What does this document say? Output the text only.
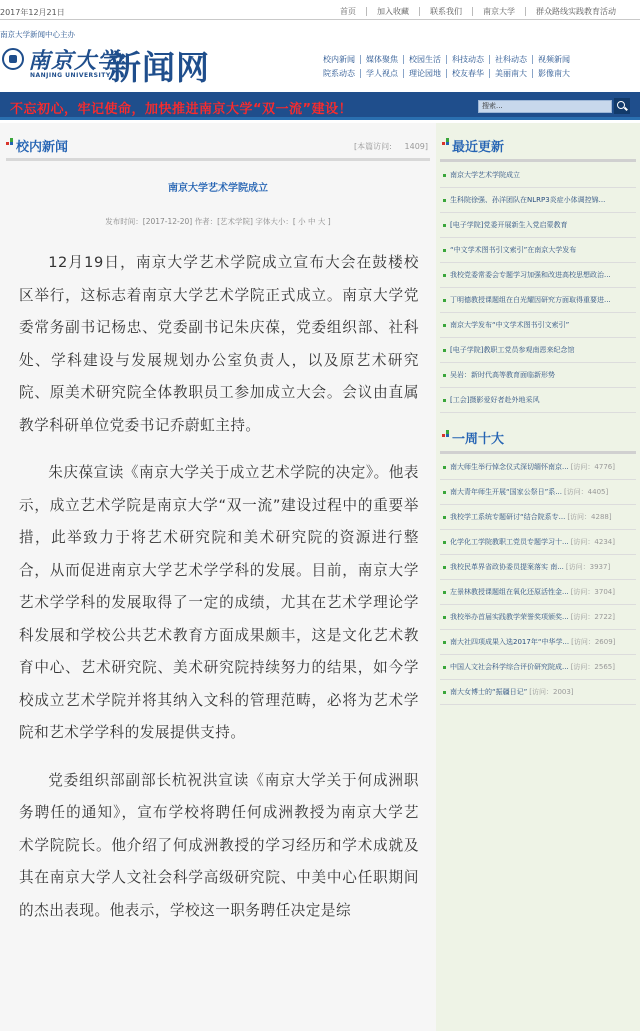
2017年12月21日	首页	加入收藏	联系我们	南京大学	群众路线实践教育活动
南京大学新闻中心主办
南京大学
NANJING UNIVERSITY
新闻网	校内新闻	媒体聚焦	校园生活	科技动态	社科动态	视频新闻
院系动态	学人视点	理论园地	校友春华	美丽南大	影像南大
不忘初心，牢记使命，加快推进南京大学“双一流”建设！	搜索...
校内新闻	[本篇访问: 1409]
南京大学艺术学院成立
发布时间：[2017-12-20] 作者：[艺术学院] 字体大小：[ 小 中 大 ]

12月19日，南京大学艺术学院成立宣布大会在鼓楼校区举行，这标志着南京大学艺术学院正式成立。南京大学党委常务副书记杨忠、党委副书记朱庆葆，党委组织部、社科处、学科建设与发展规划办公室负责人，以及原艺术研究院、原美术研究院全体教职员工参加成立大会。会议由直属教学科研单位党委书记乔蔚虹主持。

朱庆葆宣读《南京大学关于成立艺术学院的决定》。他表示，成立艺术学院是南京大学“双一流”建设过程中的重要举措，此举致力于将艺术研究院和美术研究院的资源进行整合，从而促进南京大学艺术学学科的发展。目前，南京大学艺术学学科的发展取得了一定的成绩，尤其在艺术学理论学科发展和学校公共艺术教育方面成果颇丰，这是文化艺术教育中心、艺术研究院、美术研究院持续努力的结果，如今学校成立艺术学院并将其纳入文科的管理范畴，必将为艺术学院和艺术学学科的发展提供支持。

党委组织部副部长杭祝洪宣读《南京大学关于何成洲职务聘任的通知》，宣布学校将聘任何成洲教授为南京大学艺术学院院长。他介绍了何成洲教授的学习经历和学术成就及其在南京大学人文社会科学高级研究院、中美中心任职期间的杰出表现。他表示，学校这一职务聘任决定是综

最近更新
南京大学艺术学院成立
生科院徐强、孙洋团队在NLRP3炎症小体调控锦...
[电子学院]党委开展新生入党启蒙教育
“中文学术图书引文索引”在南京大学发布
我校党委常委会专题学习加强和改进高校思想政治...
丁明德教授课题组在白光耀因研究方面取得重要进...
南京大学发布“中文学术图书引文索引”
[电子学院]教职工党员参观南恩来纪念馆
吴岩：新时代高等教育面临新形势
[工会]摄影爱好者赴外地采风
一周十大
南大师生举行悼念仪式深切缅怀南京... [访问：4776]
南大青年师生开展“国家公祭日”系... [访问：4405]
我校学工系统专题研讨“结合院系专... [访问：4288]
化学化工学院教职工党员专题学习十... [访问：4234]
我校民革界省政协委员提案落实 南... [访问：3937]
左景林教授课题组在氧化还原活性金... [访问：3704]
我校举办首届实践教学荣誉奖项颁奖... [访问：2722]
南大社四项成果入选2017年“中华学... [访问：2609]
中国人文社会科学综合评价研究院成... [访问：2565]
南大女博士的“振疆日记” [访问：2003]
